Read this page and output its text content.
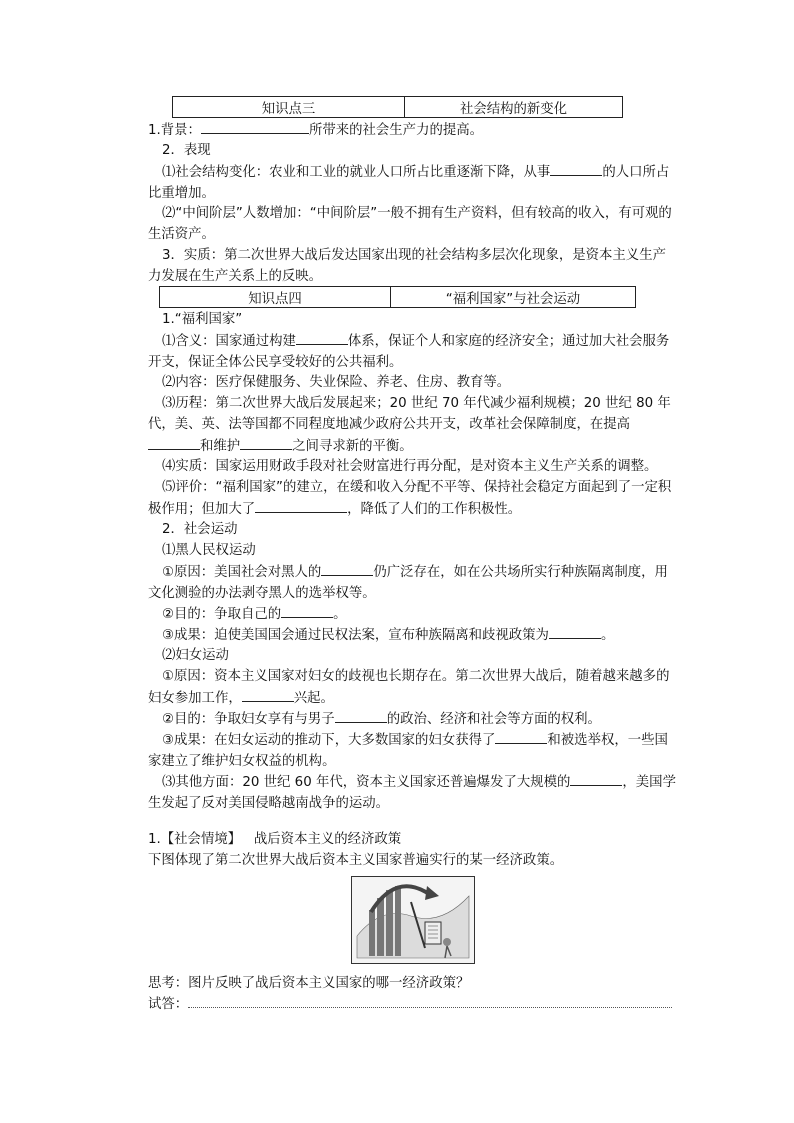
知识点三	社会结构的新变化

1.背景：	所带来的社会生产力的提高。

2．表现

⑴社会结构变化：农业和工业的就业人口所占比重逐渐下降，从事	的人口所占比重增加。

⑵“中间阶层”人数增加：“中间阶层”一般不拥有生产资料，但有较高的收入，有可观的生活资产。

3．实质：第二次世界大战后发达国家出现的社会结构多层次化现象，是资本主义生产力发展在生产关系上的反映。

知识点四	“福利国家”与社会运动

1.“福利国家”

⑴含义：国家通过构建	体系，保证个人和家庭的经济安全；通过加大社会服务开支，保证全体公民享受较好的公共福利。

⑵内容：医疗保健服务、失业保险、养老、住房、教育等。

⑶历程：第二次世界大战后发展起来；20 世纪 70 年代减少福利规模；20 世纪 80 年代，美、英、法等国都不同程度地减少政府公共开支，改革社会保障制度，在提高和维护	之间寻求新的平衡。

⑷实质：国家运用财政手段对社会财富进行再分配，是对资本主义生产关系的调整。

⑸评价：“福利国家”的建立，在缓和收入分配不平等、保持社会稳定方面起到了一定积极作用；但加大了	，降低了人们的工作积极性。

2．社会运动

⑴黑人民权运动

①原因：美国社会对黑人的	仍广泛存在，如在公共场所实行种族隔离制度，用文化测验的办法剥夺黑人的选举权等。

②目的：争取自己的	。

③成果：迫使美国国会通过民权法案，宣布种族隔离和歧视政策为	。

⑵妇女运动

①原因：资本主义国家对妇女的歧视也长期存在。第二次世界大战后，随着越来越多的妇女参加工作，	兴起。

②目的：争取妇女享有与男子	的政治、经济和社会等方面的权利。

③成果：在妇女运动的推动下，大多数国家的妇女获得了	和被选举权，一些国家建立了维护妇女权益的机构。

⑶其他方面：20 世纪 60 年代，资本主义国家还普遍爆发了大规模的	，美国学生发起了反对美国侵略越南战争的运动。

1.【社会情境】 战后资本主义的经济政策

下图体现了第二次世界大战后资本主义国家普遍实行的某一经济政策。

思考：图片反映了战后资本主义国家的哪一经济政策？

试答：
